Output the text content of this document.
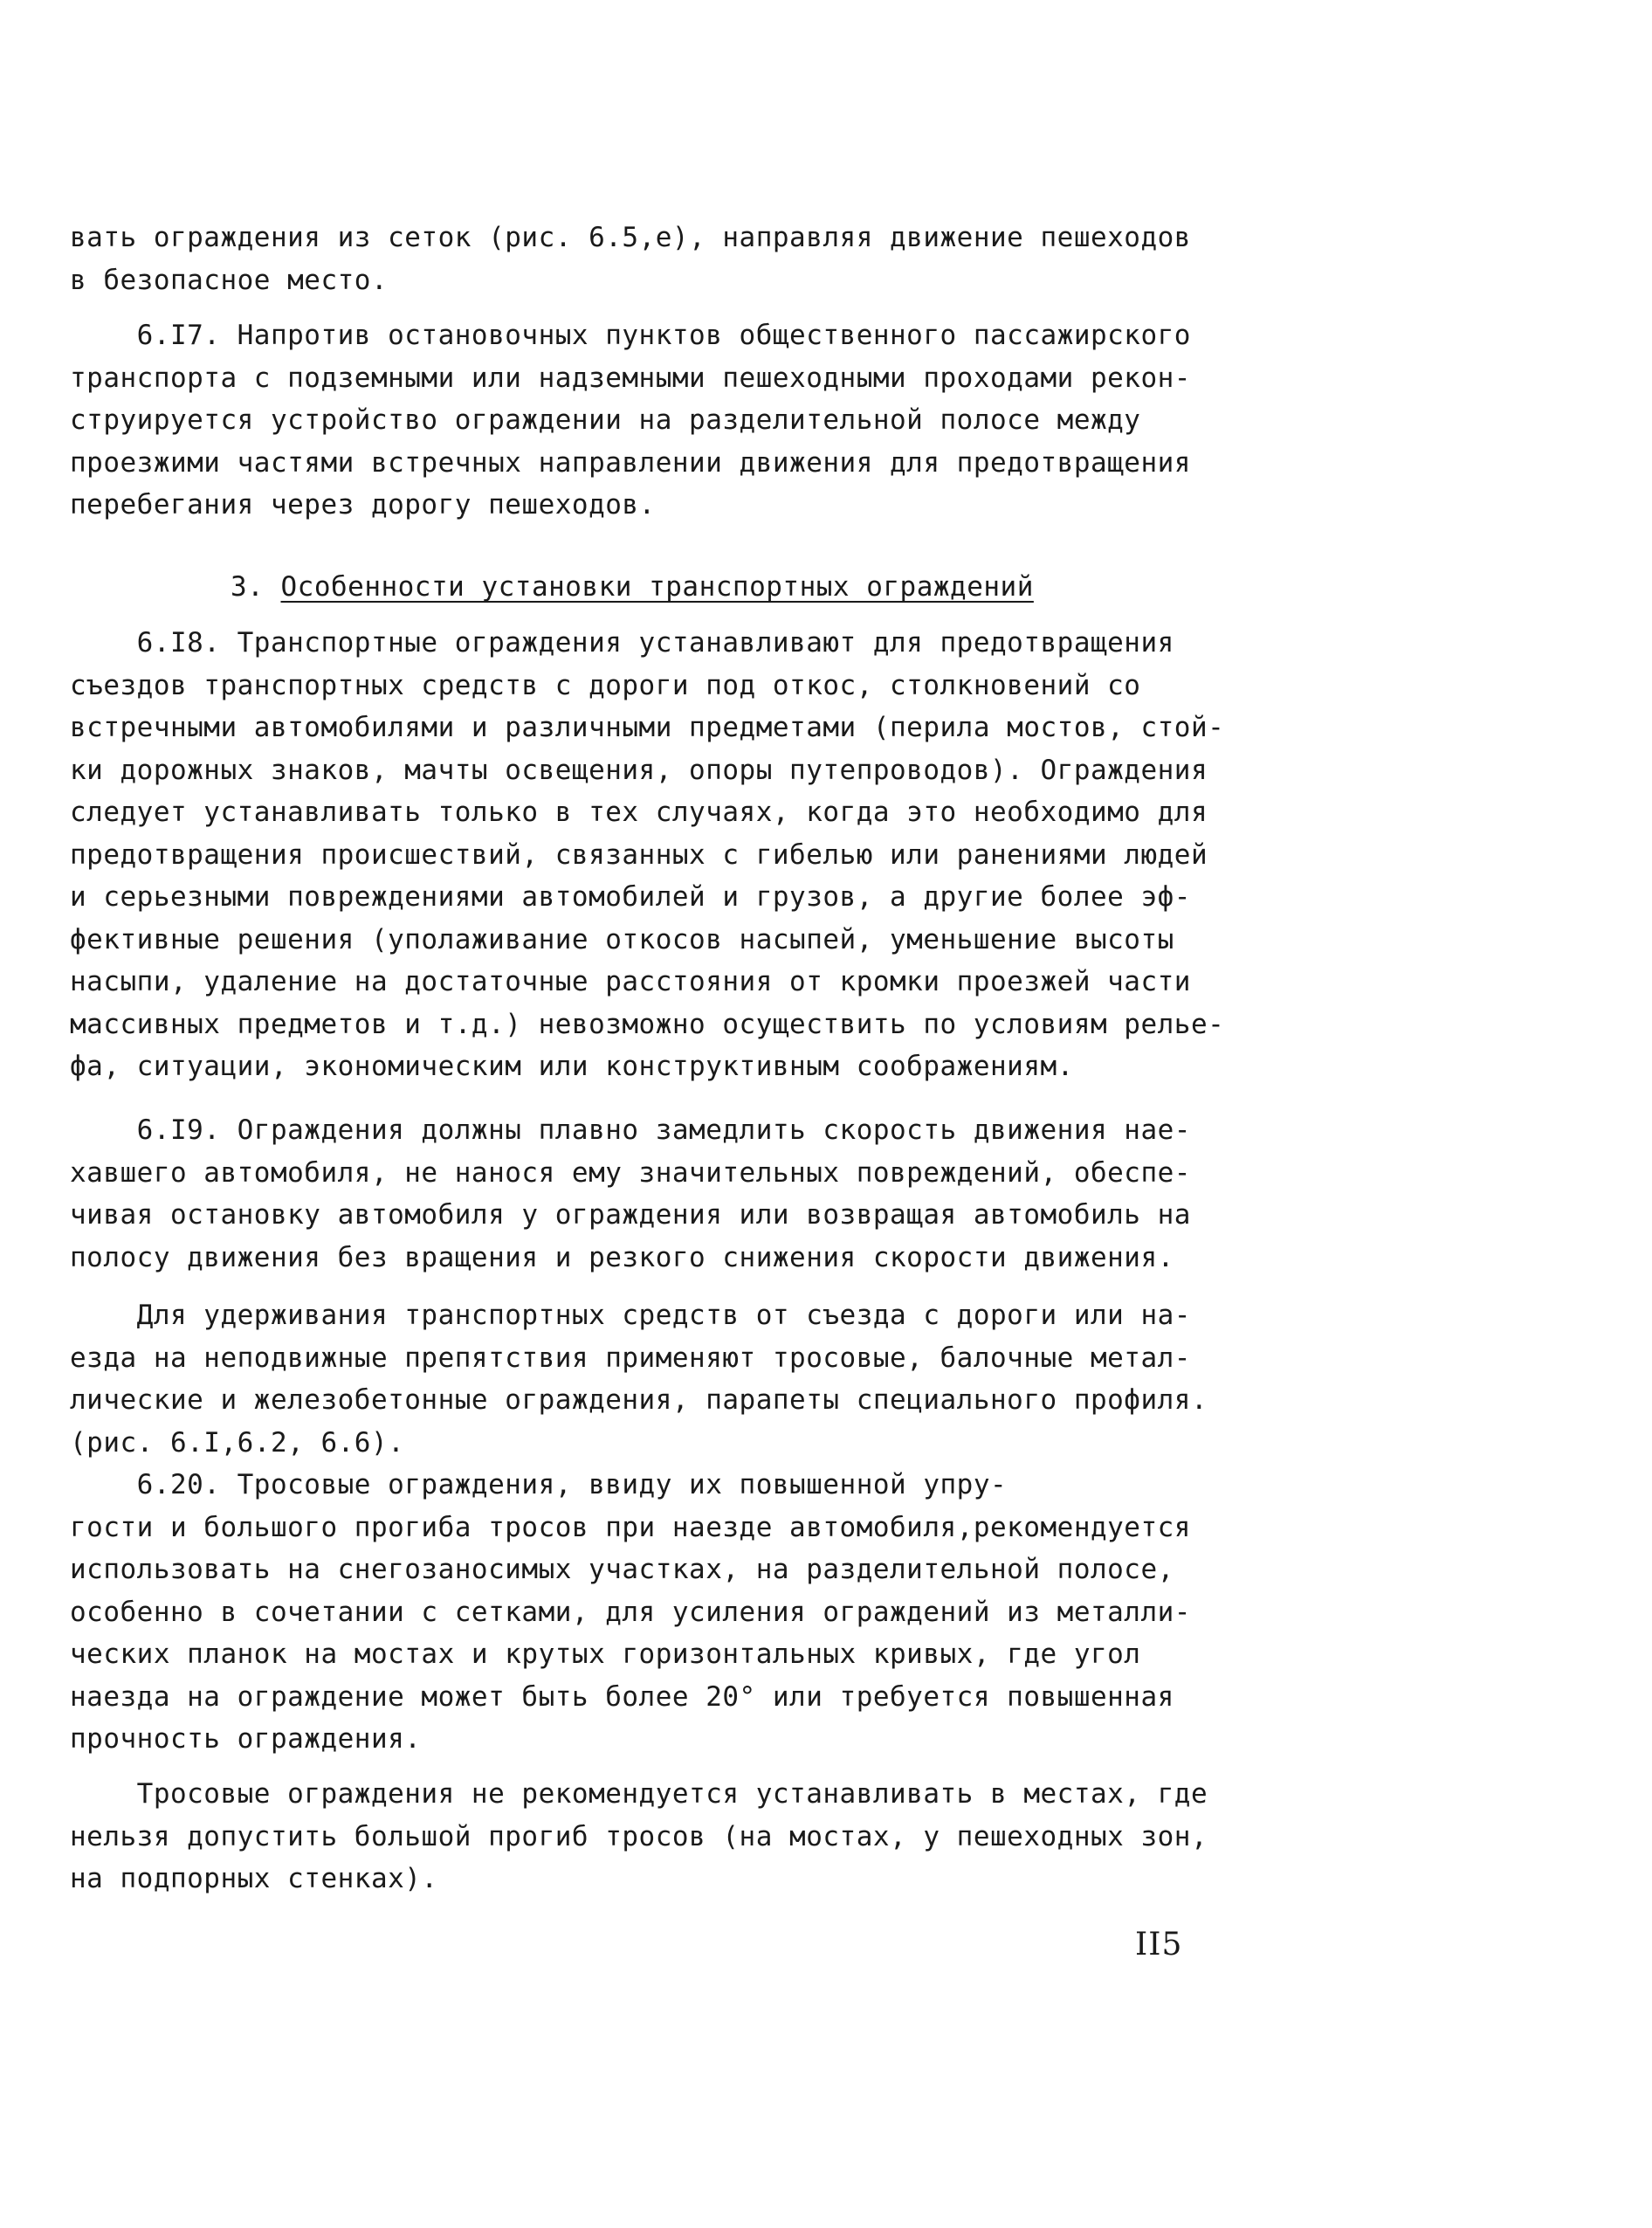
вать ограждения из сеток (рис. 6.5,е), направляя движение пешеходов
в безопасное место.
6.I7. Напротив остановочных пунктов общественного пассажирского
транспорта с подземными или надземными пешеходными проходами рекон-
струируется устройство ограждении на разделительной полосе между
проезжими частями встречных направлении движения для предотвращения
перебегания через дорогу пешеходов.
3. Особенности установки транспортных ограждений
6.I8. Транспортные ограждения устанавливают для предотвращения
съездов транспортных средств с дороги под откос, столкновений со
встречными автомобилями и различными предметами (перила мостов, стой-
ки дорожных знаков, мачты освещения, опоры путепроводов). Ограждения
следует устанавливать только в тех случаях, когда это необходимо для
предотвращения происшествий, связанных с гибелью или ранениями людей
и серьезными повреждениями автомобилей и грузов, а другие более эф-
фективные решения (уполаживание откосов насыпей, уменьшение высоты
насыпи, удаление на достаточные расстояния от кромки проезжей части
массивных предметов и т.д.) невозможно осуществить по условиям релье-
фа, ситуации, экономическим или конструктивным соображениям.
6.I9. Ограждения должны плавно замедлить скорость движения нае-
хавшего автомобиля, не нанося ему значительных повреждений, обеспе-
чивая остановку автомобиля у ограждения или возвращая автомобиль на
полосу движения без вращения и резкого снижения скорости движения.
Для удерживания транспортных средств от съезда с дороги или на-
езда на неподвижные препятствия применяют тросовые, балочные метал-
лические и железобетонные ограждения, парапеты специального профиля.
(рис. 6.I,6.2, 6.6).
6.20. Тросовые ограждения, ввиду их повышенной упру-
гости и большого прогиба тросов при наезде автомобиля,рекомендуется
использовать на снегозаносимых участках, на разделительной полосе,
особенно в сочетании с сетками, для усиления ограждений из металли-
ческих планок на мостах и крутых горизонтальных кривых, где угол
наезда на ограждение может быть более 20° или требуется повышенная
прочность ограждения.
Тросовые ограждения не рекомендуется устанавливать в местах, где
нельзя допустить большой прогиб тросов (на мостах, у пешеходных зон,
на подпорных стенках).
II5
